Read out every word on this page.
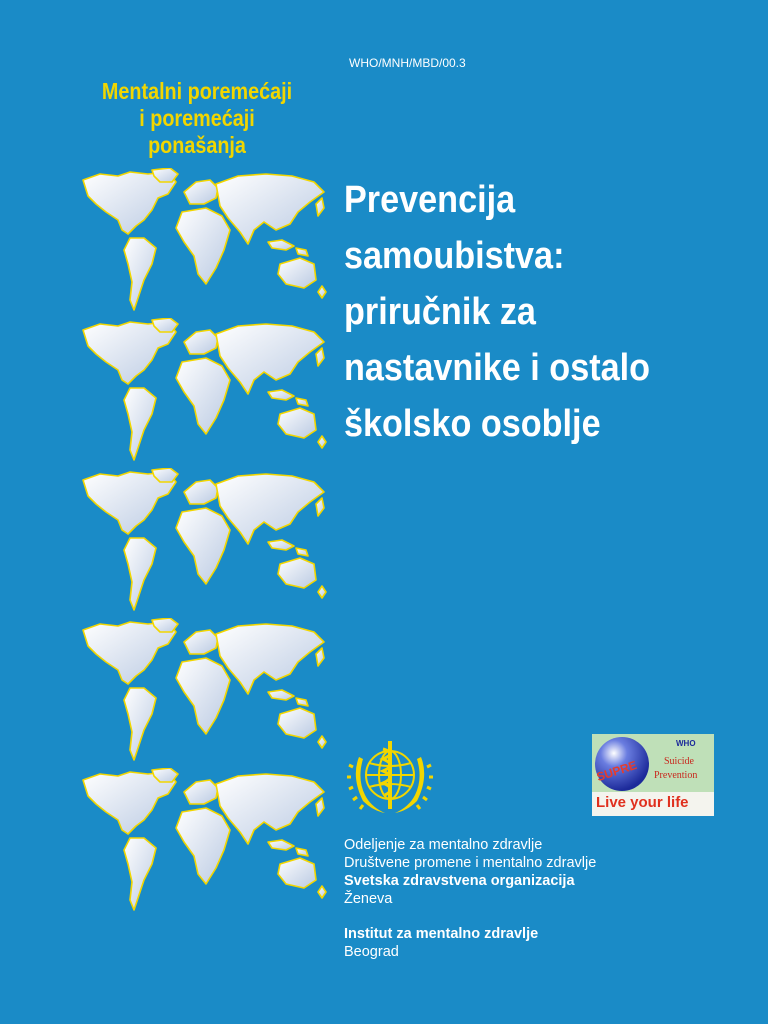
WHO/MNH/MBD/00.3
Mentalni poremećaji
i poremećaji
ponašanja
Prevencija
samoubistva:
priručnik za
nastavnike i ostalo
školsko osoblje
WHO
SUPRE	Suicide
Prevention
Live your life
Odeljenje za mentalno zdravlje
Društvene promene i mentalno zdravlje
Svetska zdravstvena organizacija
Ženeva
Institut za mentalno zdravlje
Beograd
